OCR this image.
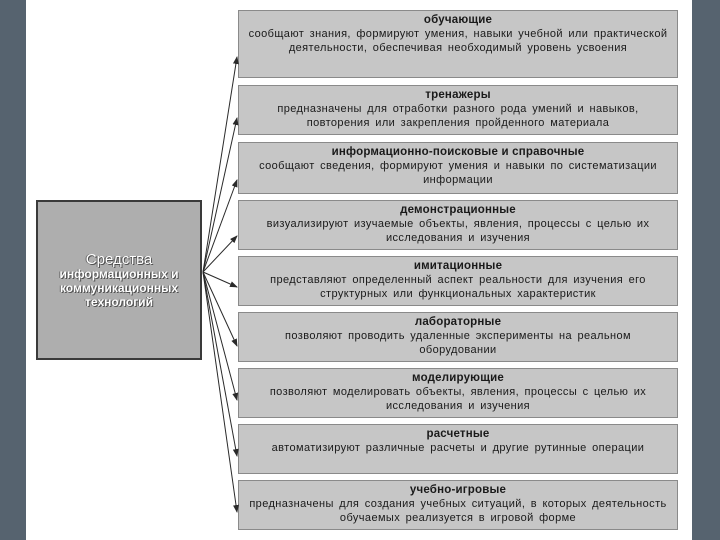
Средства
информационных и
коммуникационных
технологий
обучающие
сообщают знания, формируют умения, навыки учебной или практической деятельности, обеспечивая необходимый уровень усвоения
тренажеры
предназначены для отработки разного рода умений и навыков, повторения или закрепления пройденного материала
информационно-поисковые и справочные
сообщают сведения, формируют умения и навыки по систематизации информации
демонстрационные
визуализируют изучаемые объекты, явления, процессы с целью их исследования и изучения
имитационные
представляют определенный аспект реальности для изучения его структурных или функциональных характеристик
лабораторные
позволяют проводить удаленные эксперименты на реальном оборудовании
моделирующие
позволяют моделировать объекты, явления, процессы с целью их исследования и изучения
расчетные
автоматизируют различные расчеты и другие рутинные операции
учебно-игровые
предназначены для создания учебных ситуаций, в которых деятельность обучаемых реализуется в игровой форме
